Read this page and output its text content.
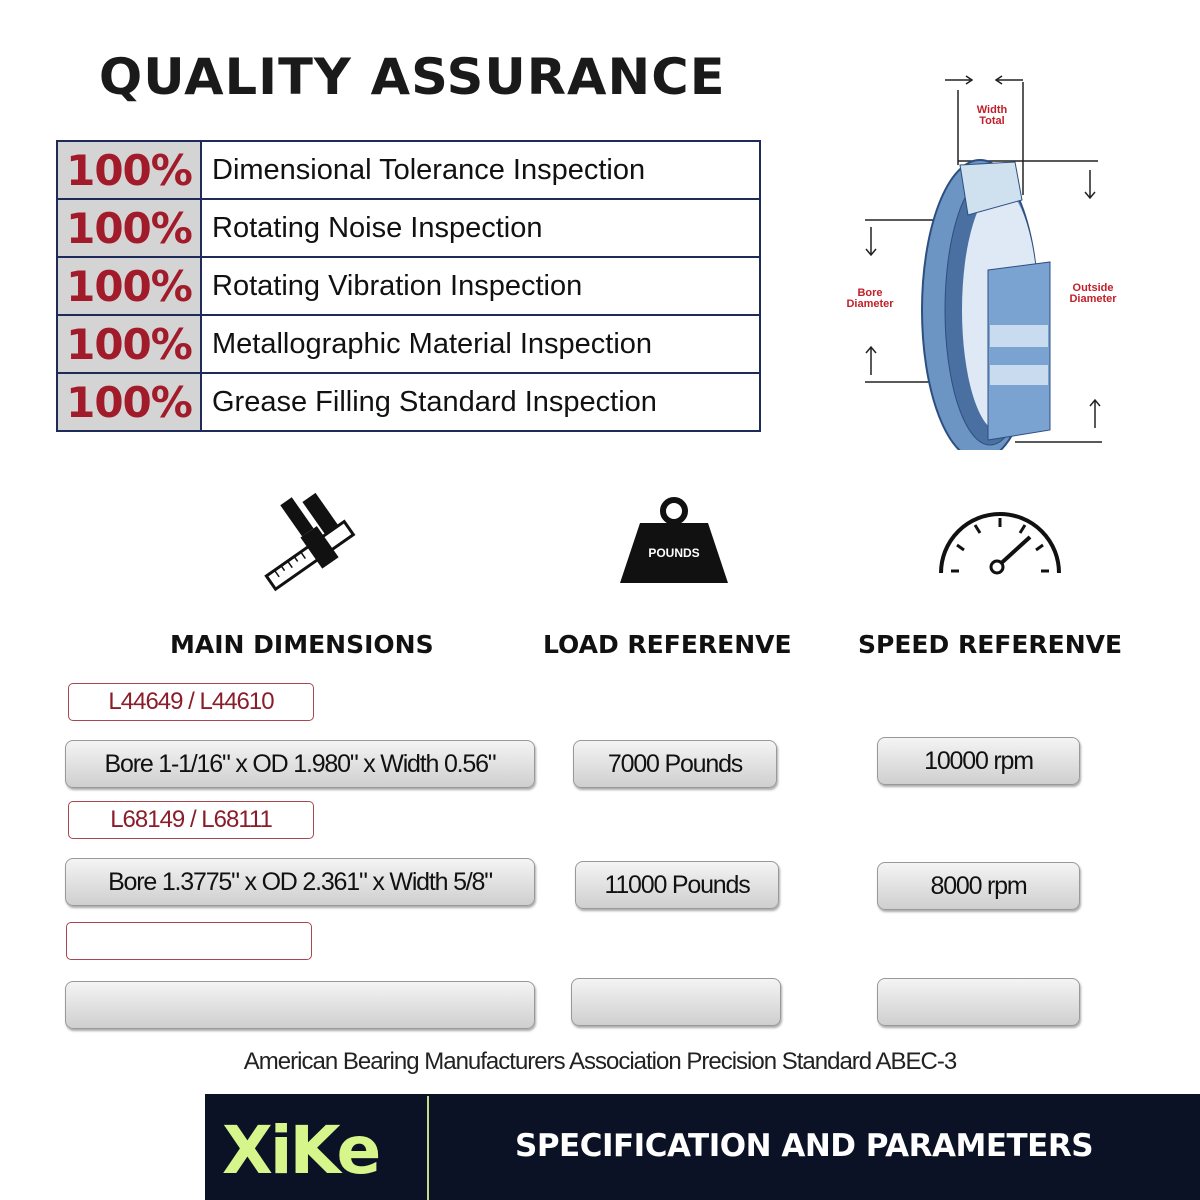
QUALITY ASSURANCE
100%	Dimensional Tolerance Inspection
100%	Rotating Noise Inspection
100%	Rotating Vibration Inspection
100%	Metallographic Material Inspection
100%	Grease Filling Standard Inspection
Width
Total
Bore
Diameter
Outside
Diameter
POUNDS
MAIN DIMENSIONS	LOAD REFERENVE	SPEED REFERENVE
L44649 / L44610
Bore 1-1/16" x OD 1.980" x Width 0.56"	7000 Pounds	10000 rpm
L68149 / L68111
Bore 1.3775" x OD 2.361" x Width 5/8"	11000 Pounds	8000 rpm
American Bearing Manufacturers Association Precision Standard ABEC-3
XiKe	SPECIFICATION AND PARAMETERS
